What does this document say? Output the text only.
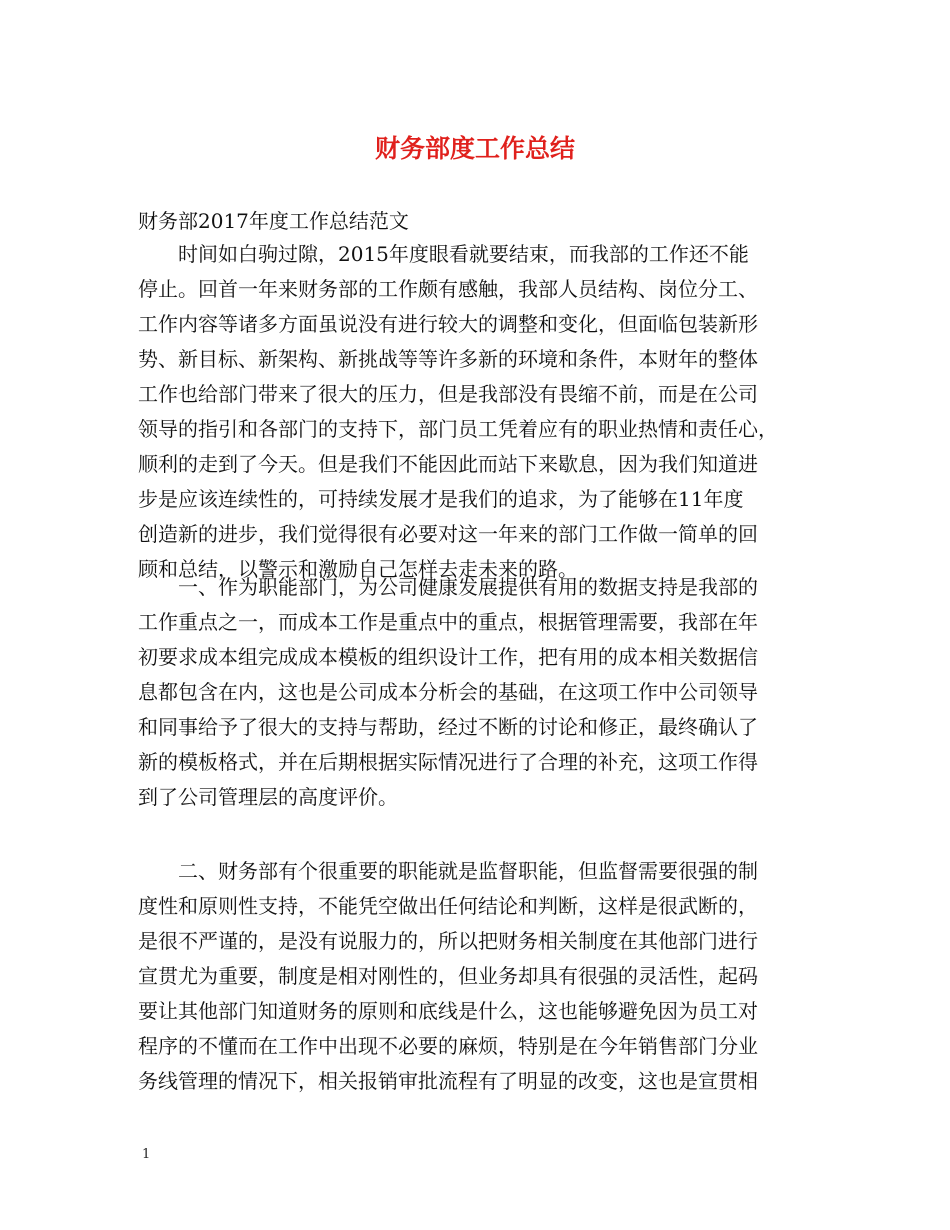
财务部度工作总结
财务部2017年度工作总结范文
　　时间如白驹过隙，2015年度眼看就要结束，而我部的工作还不能
停止。回首一年来财务部的工作颇有感触，我部人员结构、岗位分工、
工作内容等诸多方面虽说没有进行较大的调整和变化，但面临包装新形
势、新目标、新架构、新挑战等等许多新的环境和条件，本财年的整体
工作也给部门带来了很大的压力，但是我部没有畏缩不前，而是在公司
领导的指引和各部门的支持下，部门员工凭着应有的职业热情和责任心，
顺利的走到了今天。但是我们不能因此而站下来歇息，因为我们知道进
步是应该连续性的，可持续发展才是我们的追求，为了能够在11年度
创造新的进步，我们觉得很有必要对这一年来的部门工作做一简单的回
顾和总结，以警示和激励自己怎样去走未来的路。
　　一、作为职能部门，为公司健康发展提供有用的数据支持是我部的
工作重点之一，而成本工作是重点中的重点，根据管理需要，我部在年
初要求成本组完成成本模板的组织设计工作，把有用的成本相关数据信
息都包含在内，这也是公司成本分析会的基础，在这项工作中公司领导
和同事给予了很大的支持与帮助，经过不断的讨论和修正，最终确认了
新的模板格式，并在后期根据实际情况进行了合理的补充，这项工作得
到了公司管理层的高度评价。
　　二、财务部有个很重要的职能就是监督职能，但监督需要很强的制
度性和原则性支持，不能凭空做出任何结论和判断，这样是很武断的，
是很不严谨的，是没有说服力的，所以把财务相关制度在其他部门进行
宣贯尤为重要，制度是相对刚性的，但业务却具有很强的灵活性，起码
要让其他部门知道财务的原则和底线是什么，这也能够避免因为员工对
程序的不懂而在工作中出现不必要的麻烦，特别是在今年销售部门分业
务线管理的情况下，相关报销审批流程有了明显的改变，这也是宣贯相
1
